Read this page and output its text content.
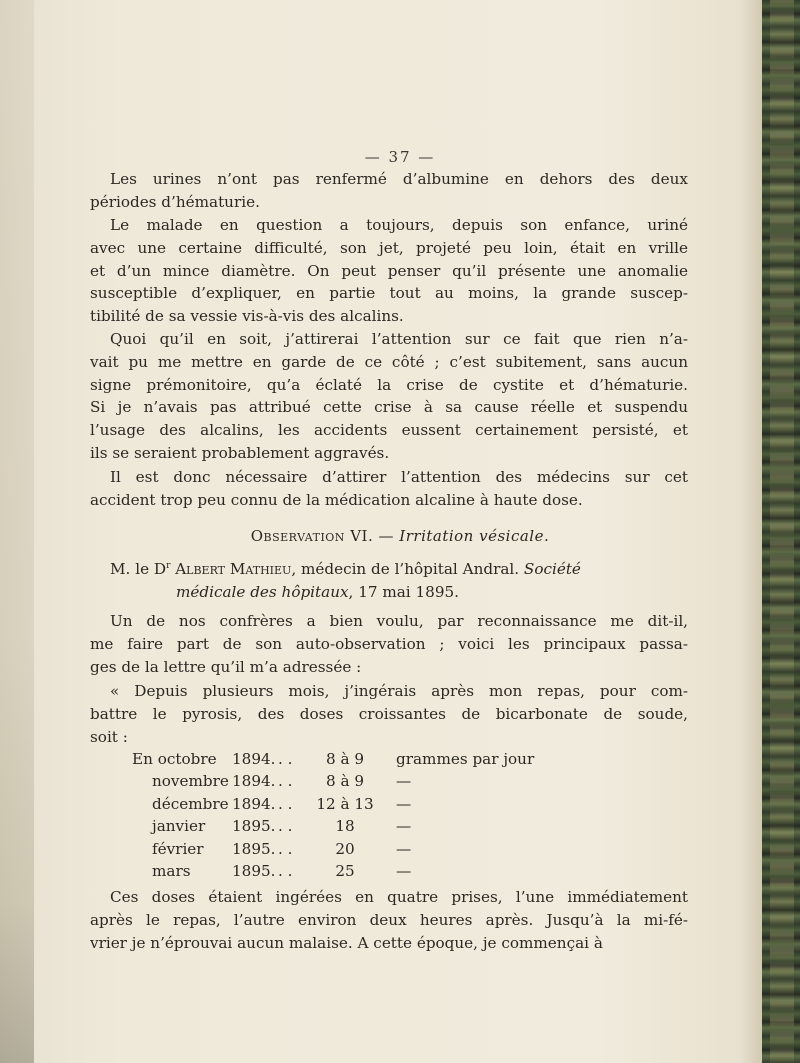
— 37 —

Les urines n’ont pas renfermé d’albumine en dehors des deux
périodes d’hématurie.

Le malade en question a toujours, depuis son enfance, uriné
avec une certaine difficulté, son jet, projeté peu loin, était en vrille
et d’un mince diamètre. On peut penser qu’il présente une anomalie
susceptible d’expliquer, en partie tout au moins, la grande suscep-
tibilité de sa vessie vis-à-vis des alcalins.

Quoi qu’il en soit, j’attirerai l’attention sur ce fait que rien n’a-
vait pu me mettre en garde de ce côté ; c’est subitement, sans aucun
signe prémonitoire, qu’a éclaté la crise de cystite et d’hématurie.
Si je n’avais pas attribué cette crise à sa cause réelle et suspendu
l’usage des alcalins, les accidents eussent certainement persisté, et
ils se seraient probablement aggravés.

Il est donc nécessaire d’attirer l’attention des médecins sur cet
accident trop peu connu de la médication alcaline à haute dose.

Observation VI. — Irritation vésicale.
M. le $D^r$ Albert Mathieu, médecin de l’hôpital Andral. Société
médicale des hôpitaux, 17 mai 1895.

Un de nos confrères a bien voulu, par reconnaissance me dit-il,
me faire part de son auto-observation ; voici les principaux passa-
ges de la lettre qu’il m’a adressée :

« Depuis plusieurs mois, j’ingérais après mon repas, pour com-
battre le pyrosis, des doses croissantes de bicarbonate de soude,
soit :

En octobre 1894. . .	8 à 9	grammes par jour
novembre 1894. . .	8 à 9	—
décembre 1894. . .	12 à 13	—
janvier 1895. . .	18	—
février 1895. . .	20	—
mars	1895. . .	25	—

Ces doses étaient ingérées en quatre prises, l’une immédiatement
après le repas, l’autre environ deux heures après. Jusqu’à la mi-fé-
vrier je n’éprouvai aucun malaise. A cette époque, je commençai à
